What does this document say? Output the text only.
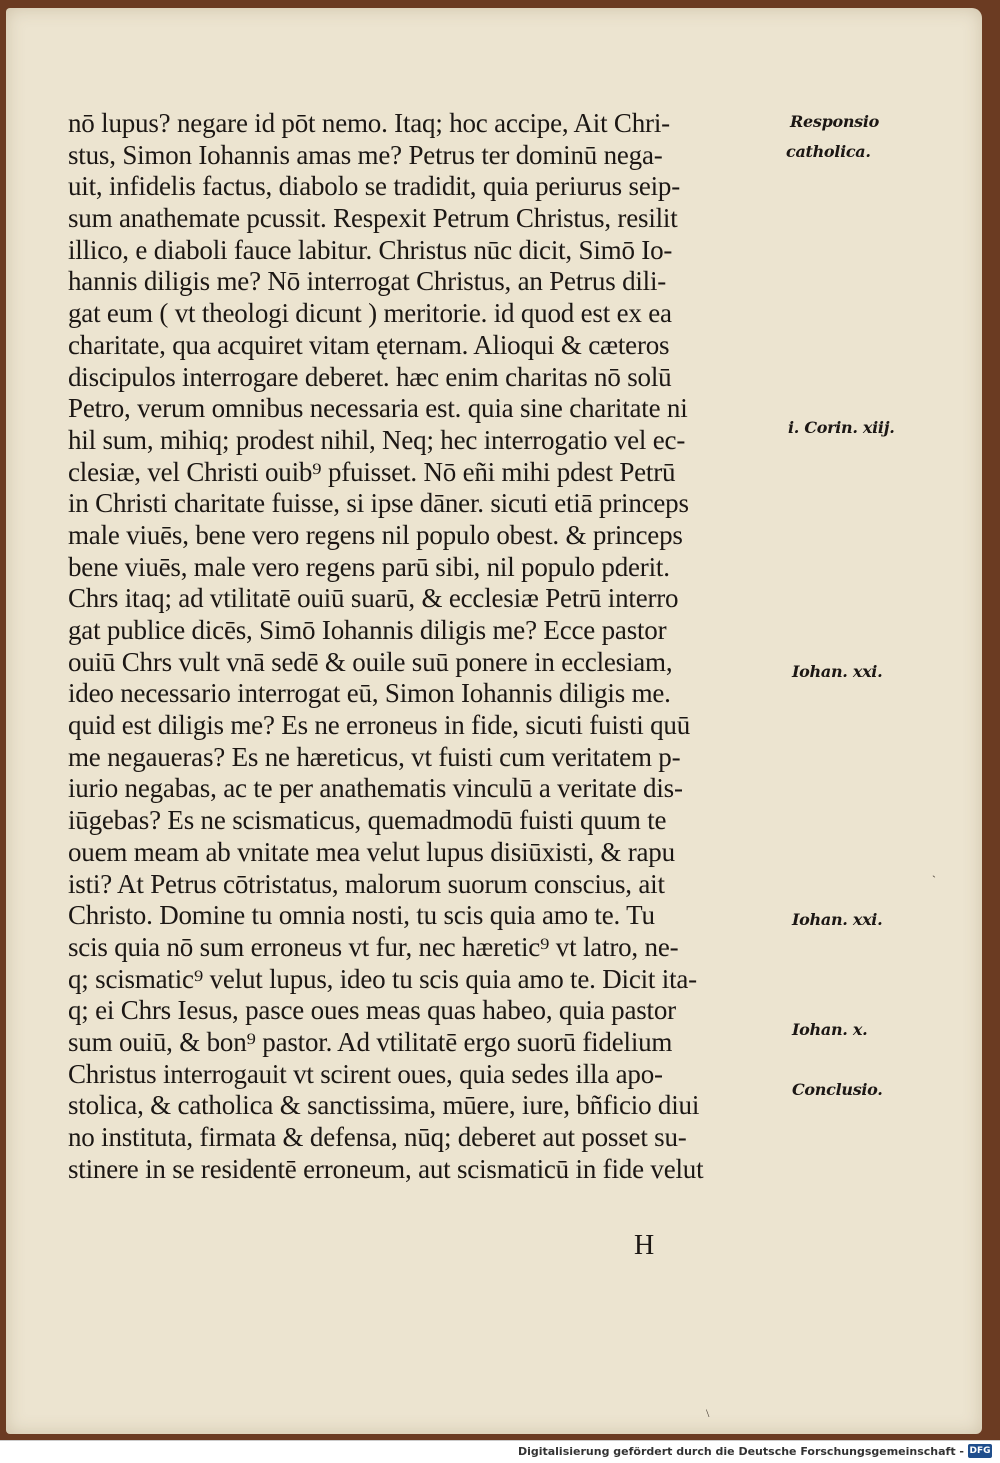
nō lupus? negare id pōt nemo. Itaq; hoc accipe, Ait Chri-
stus, Simon Iohannis amas me? Petrus ter dominū nega-
uit, infidelis factus, diabolo se tradidit, quia periurus seip-
sum anathemate pcussit. Respexit Petrum Christus, resilit
illico, e diaboli fauce labitur. Christus nūc dicit, Simō Io-
hannis diligis me? Nō interrogat Christus, an Petrus dili-
gat eum ( vt theologi dicunt ) meritorie. id quod est ex ea
charitate, qua acquiret vitam ęternam. Alioqui & cæteros
discipulos interrogare deberet. hæc enim charitas nō solū
Petro, verum omnibus necessaria est. quia sine charitate ni
hil sum, mihiq; prodest nihil, Neq; hec interrogatio vel ec-
clesiæ, vel Christi ouib⁹ pfuisset. Nō eñi mihi pdest Petrū
in Christi charitate fuisse, si ipse dāner. sicuti etiā princeps
male viuēs, bene vero regens nil populo obest. & princeps
bene viuēs, male vero regens parū sibi, nil populo pderit.
Chrs itaq; ad vtilitatē ouiū suarū, & ecclesiæ Petrū interro
gat publice dicēs, Simō Iohannis diligis me? Ecce pastor
ouiū Chrs vult vnā sedē & ouile suū ponere in ecclesiam,
ideo necessario interrogat eū, Simon Iohannis diligis me.
quid est diligis me? Es ne erroneus in fide, sicuti fuisti quū
me negaueras? Es ne hæreticus, vt fuisti cum veritatem p-
iurio negabas, ac te per anathematis vinculū a veritate dis-
iūgebas? Es ne scismaticus, quemadmodū fuisti quum te
ouem meam ab vnitate mea velut lupus disiūxisti, & rapu
isti? At Petrus cōtristatus, malorum suorum conscius, ait
Christo. Domine tu omnia nosti, tu scis quia amo te. Tu
scis quia nō sum erroneus vt fur, nec hæretic⁹ vt latro, ne-
q; scismatic⁹ velut lupus, ideo tu scis quia amo te. Dicit ita-
q; ei Chrs Iesus, pasce oues meas quas habeo, quia pastor
sum ouiū, & bon⁹ pastor. Ad vtilitatē ergo suorū fidelium
Christus interrogauit vt scirent oues, quia sedes illa apo-
stolica, & catholica & sanctissima, mūere, iure, bñficio diui
no instituta, firmata & defensa, nūq; deberet aut posset su-
stinere in se residentē erroneum, aut scismaticū in fide velut
Responsio
catholica.
i. Corin. xiij.
Iohan. xxi.
Iohan. xxi.
Iohan. x.
Conclusio.
H
ˎ
\
Digitalisierung gefördert durch die Deutsche Forschungsgemeinschaft - DFG
